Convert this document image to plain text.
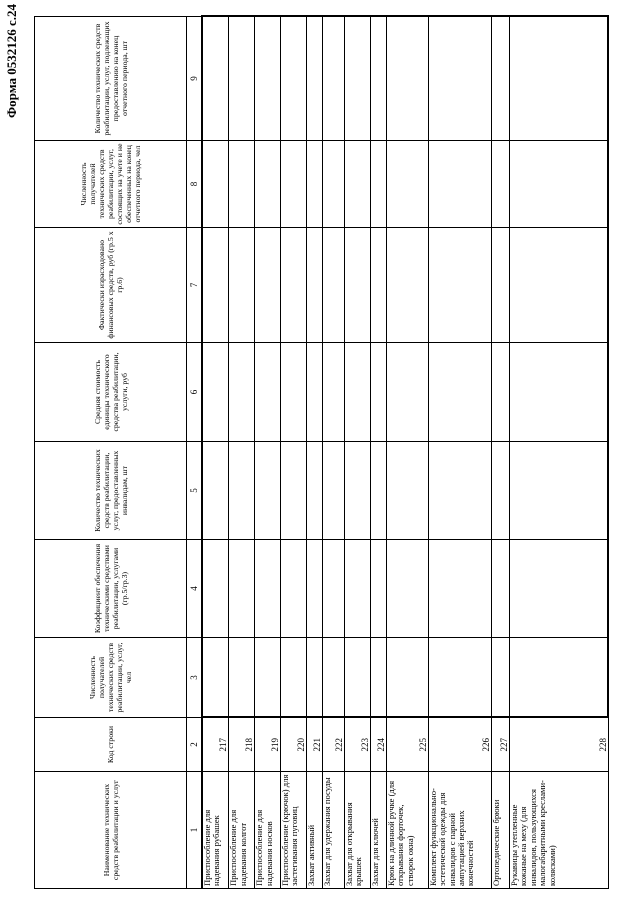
Форма 0532126 с.24
Наименование технических средств реабилитации и услуг	Код строки	Численность получателей технических средств реабилитации, услуг, чел	Коэффициент обеспечения техническими средствами реабилитации, услугами (гр.5/гр.3)	Количество технических средств реабилитации, услуг, предоставленных инвалидам, шт	Средняя стоимость единицы технического средства реабилитации, услуги, руб	Фактически израсходовано финансовых средств, руб (гр.5 х гр.6)	Численность получателей технических средств реабилитации, услуг, состоящих на учете и не обеспеченных на конец отчетного периода, чел	Количество технических средств реабилитации, услуг, подлежащих предоставлению на конец отчетного периода, шт
1	2	3	4	5	6	7	8	9
Приспособление для надевания рубашек	217							
Приспособление для надевания колгот	218							
Приспособление для надевания носков	219							
Приспособление (крючок) для застегивания пуговиц	220							
Захват активный	221							
Захват для удержания посуды	222							
Захват для открывания крышек	223							
Захват для ключей	224							
Крюк на длинной ручке (для открывания форточек, створок окна)	225							
Комплект функционально-эстетической одежды для инвалидов с парной ампутацией верхних конечностей	226							
Ортопедические брюки	227							
Рукавицы утепленные кожаные на меху (для инвалидов, пользующихся малогабаритными креслами-колясками)	228							
